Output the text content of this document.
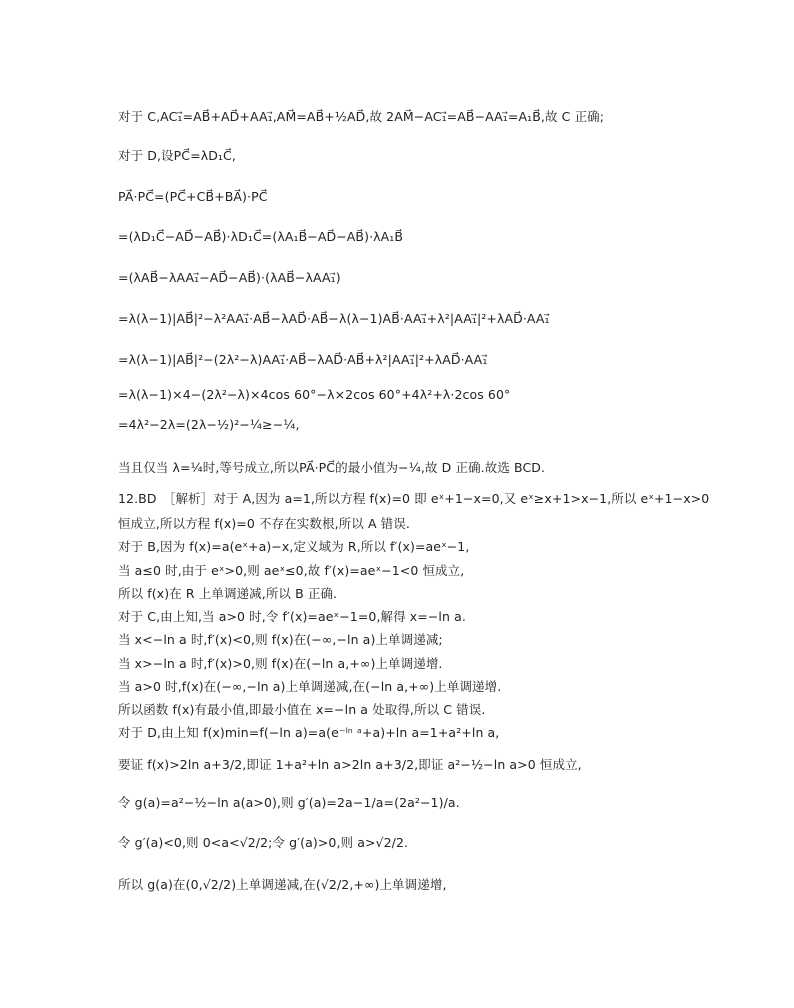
对于 C,AC₁⃗=AB⃗+AD⃗+AA₁⃗,AM⃗=AB⃗+½AD⃗,故 2AM⃗−AC₁⃗=AB⃗−AA₁⃗=A₁B⃗,故 C 正确;
对于 D,设PC⃗=λD₁C⃗,
PA⃗·PC⃗=(PC⃗+CB⃗+BA⃗)·PC⃗
=(λD₁C⃗−AD⃗−AB⃗)·λD₁C⃗=(λA₁B⃗−AD⃗−AB⃗)·λA₁B⃗
=(λAB⃗−λAA₁⃗−AD⃗−AB⃗)·(λAB⃗−λAA₁⃗)
=λ(λ−1)|AB⃗|²−λ²AA₁⃗·AB⃗−λAD⃗·AB⃗−λ(λ−1)AB⃗·AA₁⃗+λ²|AA₁⃗|²+λAD⃗·AA₁⃗
=λ(λ−1)|AB⃗|²−(2λ²−λ)AA₁⃗·AB⃗−λAD⃗·AB⃗+λ²|AA₁⃗|²+λAD⃗·AA₁⃗
=λ(λ−1)×4−(2λ²−λ)×4cos 60°−λ×2cos 60°+4λ²+λ·2cos 60°
=4λ²−2λ=(2λ−½)²−¼≥−¼,
当且仅当 λ=¼时,等号成立,所以PA⃗·PC⃗的最小值为−¼,故 D 正确.故选 BCD.
12.BD　［解析］对于 A,因为 a=1,所以方程 f(x)=0 即 eˣ+1−x=0,又 eˣ≥x+1>x−1,所以 eˣ+1−x>0
恒成立,所以方程 f(x)=0 不存在实数根,所以 A 错误.
对于 B,因为 f(x)=a(eˣ+a)−x,定义域为 R,所以 f′(x)=aeˣ−1,
当 a≤0 时,由于 eˣ>0,则 aeˣ≤0,故 f′(x)=aeˣ−1<0 恒成立,
所以 f(x)在 R 上单调递减,所以 B 正确.
对于 C,由上知,当 a>0 时,令 f′(x)=aeˣ−1=0,解得 x=−ln a.
当 x<−ln a 时,f′(x)<0,则 f(x)在(−∞,−ln a)上单调递减;
当 x>−ln a 时,f′(x)>0,则 f(x)在(−ln a,+∞)上单调递增.
当 a>0 时,f(x)在(−∞,−ln a)上单调递减,在(−ln a,+∞)上单调递增.
所以函数 f(x)有最小值,即最小值在 x=−ln a 处取得,所以 C 错误.
对于 D,由上知 f(x)min=f(−ln a)=a(e⁻ˡⁿ ᵃ+a)+ln a=1+a²+ln a,
要证 f(x)>2ln a+3/2,即证 1+a²+ln a>2ln a+3/2,即证 a²−½−ln a>0 恒成立,
令 g(a)=a²−½−ln a(a>0),则 g′(a)=2a−1/a=(2a²−1)/a.
令 g′(a)<0,则 0<a<√2/2;令 g′(a)>0,则 a>√2/2.
所以 g(a)在(0,√2/2)上单调递减,在(√2/2,+∞)上单调递增,
